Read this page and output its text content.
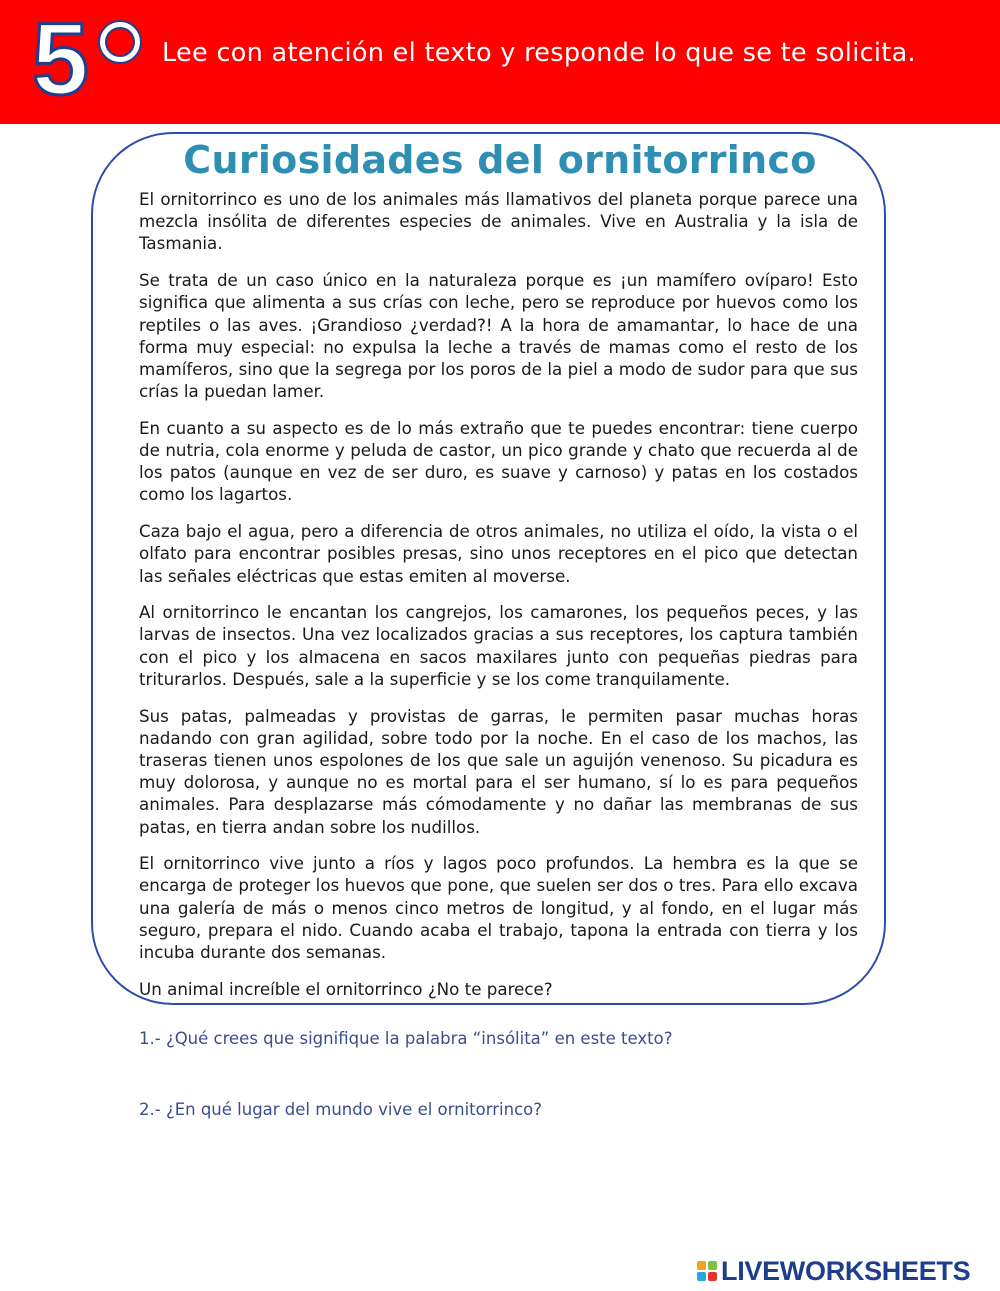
5	Lee con atención el texto y responde lo que se te solicita.
Curiosidades del ornitorrinco

El ornitorrinco es uno de los animales más llamativos del planeta porque parece una mezcla insólita de diferentes especies de animales. Vive en Australia y la isla de Tasmania.

Se trata de un caso único en la naturaleza porque es ¡un mamífero ovíparo! Esto significa que alimenta a sus crías con leche, pero se reproduce por huevos como los reptiles o las aves. ¡Grandioso ¿verdad?! A la hora de amamantar, lo hace de una forma muy especial: no expulsa la leche a través de mamas como el resto de los mamíferos, sino que la segrega por los poros de la piel a modo de sudor para que sus crías la puedan lamer.

En cuanto a su aspecto es de lo más extraño que te puedes encontrar: tiene cuerpo de nutria, cola enorme y peluda de castor, un pico grande y chato que recuerda al de los patos (aunque en vez de ser duro, es suave y carnoso) y patas en los costados como los lagartos.

Caza bajo el agua, pero a diferencia de otros animales, no utiliza el oído, la vista o el olfato para encontrar posibles presas, sino unos receptores en el pico que detectan las señales eléctricas que estas emiten al moverse.

Al ornitorrinco le encantan los cangrejos, los camarones, los pequeños peces, y las larvas de insectos. Una vez localizados gracias a sus receptores, los captura también con el pico y los almacena en sacos maxilares junto con pequeñas piedras para triturarlos. Después, sale a la superficie y se los come tranquilamente.

Sus patas, palmeadas y provistas de garras, le permiten pasar muchas horas nadando con gran agilidad, sobre todo por la noche. En el caso de los machos, las traseras tienen unos espolones de los que sale un aguijón venenoso. Su picadura es muy dolorosa, y aunque no es mortal para el ser humano, sí lo es para pequeños animales. Para desplazarse más cómodamente y no dañar las membranas de sus patas, en tierra andan sobre los nudillos.

El ornitorrinco vive junto a ríos y lagos poco profundos. La hembra es la que se encarga de proteger los huevos que pone, que suelen ser dos o tres. Para ello excava una galería de más o menos cinco metros de longitud, y al fondo, en el lugar más seguro, prepara el nido. Cuando acaba el trabajo, tapona la entrada con tierra y los incuba durante dos semanas.

Un animal increíble el ornitorrinco ¿No te parece?

1.- ¿Qué crees que signifique la palabra “insólita” en este texto?
2.- ¿En qué lugar del mundo vive el ornitorrinco?
LIVEWORKSHEETS
